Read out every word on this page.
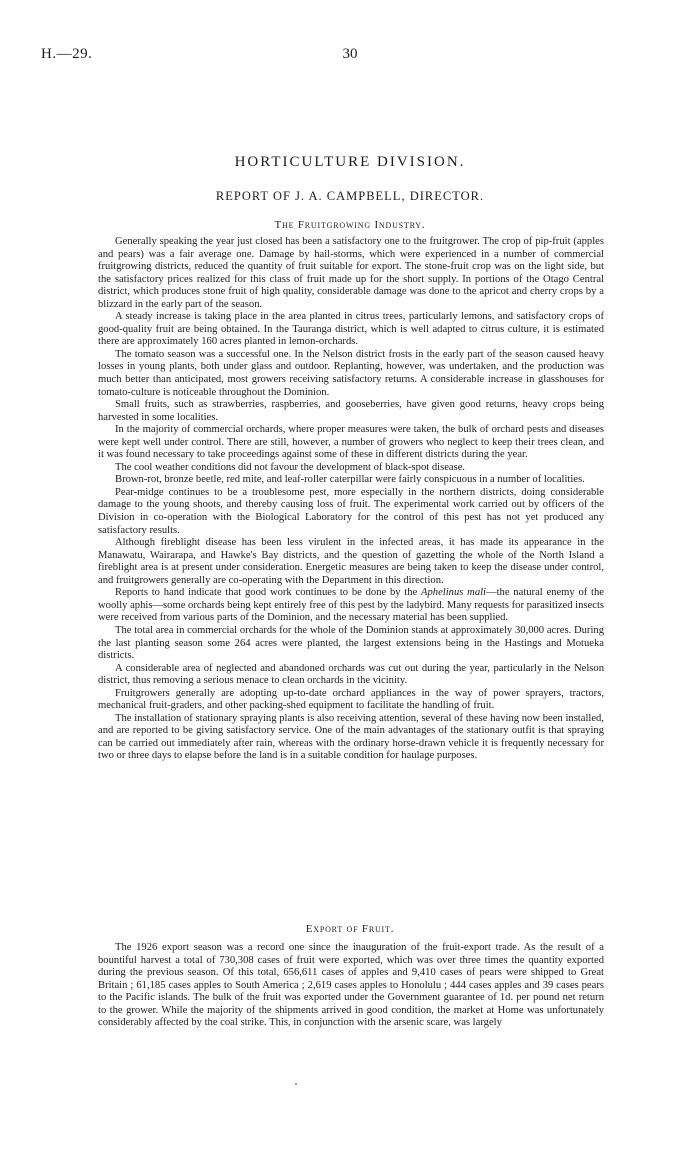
H.—29.	30
HORTICULTURE DIVISION.
REPORT OF J. A. CAMPBELL, DIRECTOR.
The Fruitgrowing Industry.

Generally speaking the year just closed has been a satisfactory one to the fruitgrower. The crop of pip-fruit (apples and pears) was a fair average one. Damage by hail-storms, which were experienced in a number of commercial fruitgrowing districts, reduced the quantity of fruit suitable for export. The stone-fruit crop was on the light side, but the satisfactory prices realized for this class of fruit made up for the short supply. In portions of the Otago Central district, which produces stone fruit of high quality, considerable damage was done to the apricot and cherry crops by a blizzard in the early part of the season.

A steady increase is taking place in the area planted in citrus trees, particularly lemons, and satisfactory crops of good-quality fruit are being obtained. In the Tauranga district, which is well adapted to citrus culture, it is estimated there are approximately 160 acres planted in lemon-orchards.

The tomato season was a successful one. In the Nelson district frosts in the early part of the season caused heavy losses in young plants, both under glass and outdoor. Replanting, however, was undertaken, and the production was much better than anticipated, most growers receiving satisfactory returns. A considerable increase in glasshouses for tomato-culture is noticeable throughout the Dominion.

Small fruits, such as strawberries, raspberries, and gooseberries, have given good returns, heavy crops being harvested in some localities.

In the majority of commercial orchards, where proper measures were taken, the bulk of orchard pests and diseases were kept well under control. There are still, however, a number of growers who neglect to keep their trees clean, and it was found necessary to take proceedings against some of these in different districts during the year.

The cool weather conditions did not favour the development of black-spot disease.

Brown-rot, bronze beetle, red mite, and leaf-roller caterpillar were fairly conspicuous in a number of localities.

Pear-midge continues to be a troublesome pest, more especially in the northern districts, doing considerable damage to the young shoots, and thereby causing loss of fruit. The experimental work carried out by officers of the Division in co-operation with the Biological Laboratory for the control of this pest has not yet produced any satisfactory results.

Although fireblight disease has been less virulent in the infected areas, it has made its appearance in the Manawatu, Wairarapa, and Hawke's Bay districts, and the question of gazetting the whole of the North Island a fireblight area is at present under consideration. Energetic measures are being taken to keep the disease under control, and fruitgrowers generally are co-operating with the Department in this direction.

Reports to hand indicate that good work continues to be done by the Aphelinus mali—the natural enemy of the woolly aphis—some orchards being kept entirely free of this pest by the ladybird. Many requests for parasitized insects were received from various parts of the Dominion, and the necessary material has been supplied.

The total area in commercial orchards for the whole of the Dominion stands at approximately 30,000 acres. During the last planting season some 264 acres were planted, the largest extensions being in the Hastings and Motueka districts.

A considerable area of neglected and abandoned orchards was cut out during the year, particularly in the Nelson district, thus removing a serious menace to clean orchards in the vicinity.

Fruitgrowers generally are adopting up-to-date orchard appliances in the way of power sprayers, tractors, mechanical fruit-graders, and other packing-shed equipment to facilitate the handling of fruit.

The installation of stationary spraying plants is also receiving attention, several of these having now been installed, and are reported to be giving satisfactory service. One of the main advantages of the stationary outfit is that spraying can be carried out immediately after rain, whereas with the ordinary horse-drawn vehicle it is frequently necessary for two or three days to elapse before the land is in a suitable condition for haulage purposes.

Export of Fruit.

The 1926 export season was a record one since the inauguration of the fruit-export trade. As the result of a bountiful harvest a total of 730,308 cases of fruit were exported, which was over three times the quantity exported during the previous season. Of this total, 656,611 cases of apples and 9,410 cases of pears were shipped to Great Britain ; 61,185 cases apples to South America ; 2,619 cases apples to Honolulu ; 444 cases apples and 39 cases pears to the Pacific islands. The bulk of the fruit was exported under the Government guarantee of 1d. per pound net return to the grower. While the majority of the shipments arrived in good condition, the market at Home was unfortunately considerably affected by the coal strike. This, in conjunction with the arsenic scare, was largely
